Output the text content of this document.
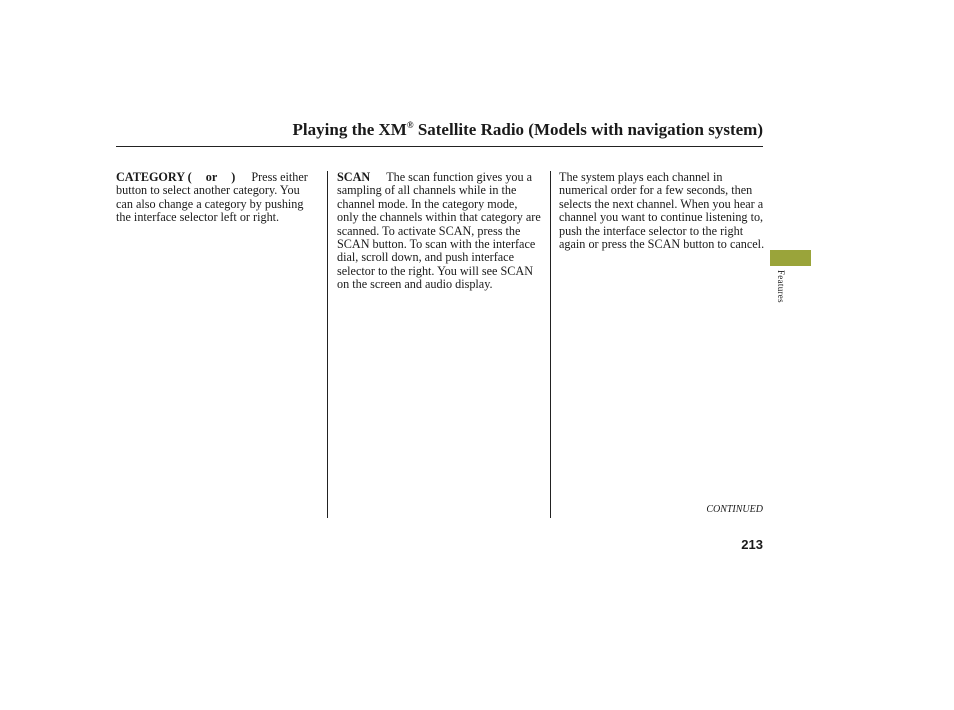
Playing the XM® Satellite Radio (Models with navigation system)
CATEGORY ( or ) Press either button to select another category. You can also change a category by pushing the interface selector left or right.
SCAN The scan function gives you a sampling of all channels while in the channel mode. In the category mode, only the channels within that category are scanned. To activate SCAN, press the SCAN button. To scan with the interface dial, scroll down, and push interface selector to the right. You will see SCAN on the screen and audio display.
The system plays each channel in numerical order for a few seconds, then selects the next channel. When you hear a channel you want to continue listening to, push the interface selector to the right again or press the SCAN button to cancel.
CONTINUED
213
Features
